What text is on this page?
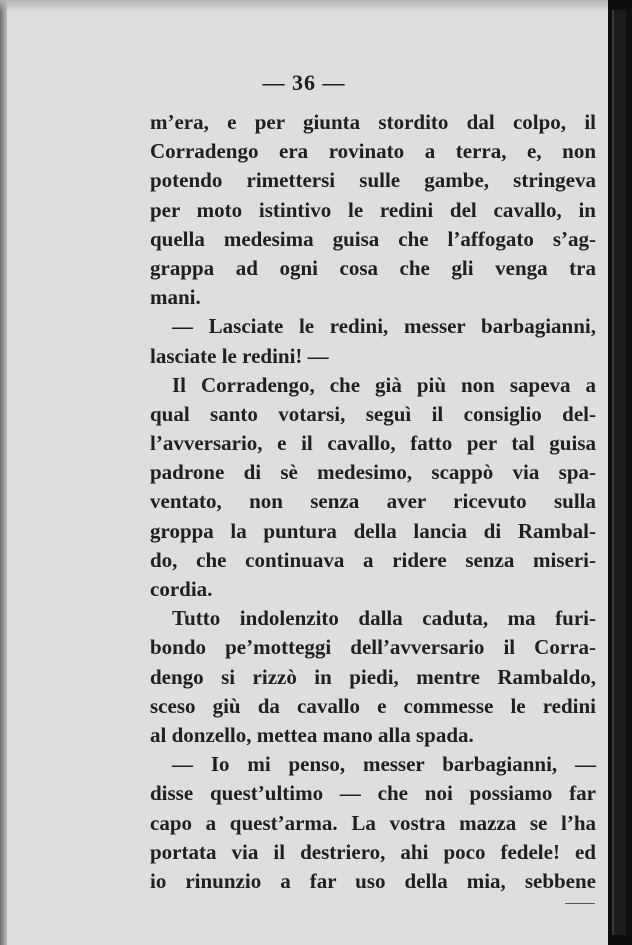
— 36 —
m’era, e per giunta stordito dal colpo, il
Corradengo era rovinato a terra, e, non
potendo rimettersi sulle gambe, stringeva
per moto istintivo le redini del cavallo, in
quella medesima guisa che l’affogato s’ag-
grappa ad ogni cosa che gli venga tra
mani.
— Lasciate le redini, messer barbagianni,
lasciate le redini! —
Il Corradengo, che già più non sapeva a
qual santo votarsi, seguì il consiglio del-
l’avversario, e il cavallo, fatto per tal guisa
padrone di sè medesimo, scappò via spa-
ventato, non senza aver ricevuto sulla
groppa la puntura della lancia di Rambal-
do, che continuava a ridere senza miseri-
cordia.
Tutto indolenzito dalla caduta, ma furi-
bondo pe’motteggi dell’avversario il Corra-
dengo si rizzò in piedi, mentre Rambaldo,
sceso giù da cavallo e commesse le redini
al donzello, mettea mano alla spada.
— Io mi penso, messer barbagianni, —
disse quest’ultimo — che noi possiamo far
capo a quest’arma. La vostra mazza se l’ha
portata via il destriero, ahi poco fedele! ed
io rinunzio a far uso della mia, sebbene
